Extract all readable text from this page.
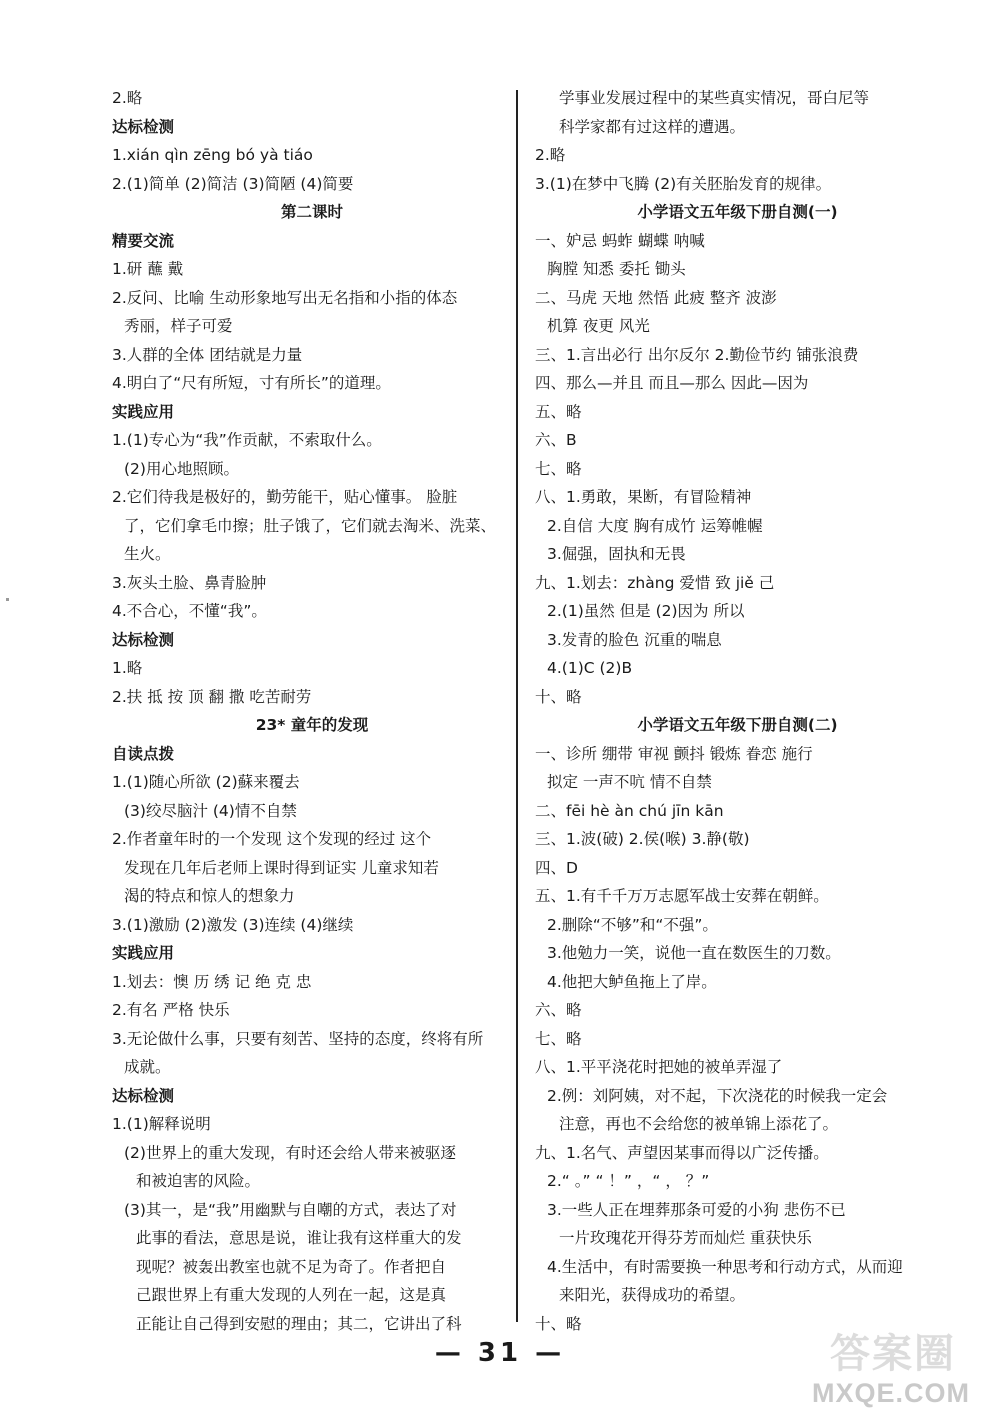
2.略
达标检测
1.xián qìn zēng bó yà tiáo
2.(1)简单 (2)简洁 (3)简陋 (4)简要
第二课时
精要交流
1.研 蘸 戴
2.反问、比喻 生动形象地写出无名指和小指的体态
秀丽，样子可爱
3.人群的全体 团结就是力量
4.明白了“尺有所短，寸有所长”的道理。
实践应用
1.(1)专心为“我”作贡献，不索取什么。
(2)用心地照顾。
2.它们待我是极好的，勤劳能干，贴心懂事。 脸脏
了，它们拿毛巾擦；肚子饿了，它们就去淘米、洗菜、
生火。
3.灰头土脸、鼻青脸肿
4.不合心，不懂“我”。
达标检测
1.略
2.扶 抵 按 顶 翻 撒 吃苦耐劳
23* 童年的发现
自读点拨
1.(1)随心所欲 (2)蘇来覆去
(3)绞尽脑汁 (4)情不自禁
2.作者童年时的一个发现 这个发现的经过 这个
发现在几年后老师上课时得到证实 儿童求知若
渴的特点和惊人的想象力
3.(1)激励 (2)激发 (3)连续 (4)继续
实践应用
1.划去：懊 历 绣 记 绝 克 忠
2.有名 严格 快乐
3.无论做什么事，只要有刻苦、坚持的态度，终将有所
成就。
达标检测
1.(1)解释说明
(2)世界上的重大发现，有时还会给人带来被驱逐
和被迫害的风险。
(3)其一，是“我”用幽默与自嘲的方式，表达了对
此事的看法，意思是说，谁让我有这样重大的发
现呢？被轰出教室也就不足为奇了。作者把自
己跟世界上有重大发现的人列在一起，这是真
正能让自己得到安慰的理由；其二，它讲出了科
学事业发展过程中的某些真实情况，哥白尼等
科学家都有过这样的遭遇。
2.略
3.(1)在梦中飞腾 (2)有关胚胎发育的规律。
小学语文五年级下册自测(一)
一、妒忌 蚂蚱 蝴蝶 呐喊
胸膛 知悉 委托 锄头
二、马虎 天地 然悟 此疲 整齐 波澎
机算 夜更 风光
三、1.言出必行 出尔反尔 2.勤俭节约 铺张浪费
四、那么—并且 而且—那么 因此—因为
五、略
六、B
七、略
八、1.勇敢，果断，有冒险精神
2.自信 大度 胸有成竹 运筹帷幄
3.倔强，固执和无畏
九、1.划去：zhàng 爱惜 致 jiě 己
2.(1)虽然 但是 (2)因为 所以
3.发青的脸色 沉重的喘息
4.(1)C (2)B
十、略
小学语文五年级下册自测(二)
一、诊所 绷带 审视 颤抖 锻炼 眷恋 施行
拟定 一声不吭 情不自禁
二、fēi hè àn chú jīn kān
三、1.波(破) 2.侯(喉) 3.静(敬)
四、D
五、1.有千千万万志愿军战士安葬在朝鲜。
2.删除“不够”和“不强”。
3.他勉力一笑，说他一直在数医生的刀数。
4.他把大鲈鱼拖上了岸。
六、略
七、略
八、1.平平浇花时把她的被单弄湿了
2.例：刘阿姨，对不起，下次浇花的时候我一定会
注意，再也不会给您的被单锦上添花了。
九、1.名气、声望因某事而得以广泛传播。
2.“ 。” “ ！” ，“ ， ？”
3.一些人正在埋葬那条可爱的小狗 悲伤不已
一片玫瑰花开得芬芳而灿烂 重获快乐
4.生活中，有时需要换一种思考和行动方式，从而迎
来阳光，获得成功的希望。
十、略
— 31 —	答案圈
MXQE.COM
